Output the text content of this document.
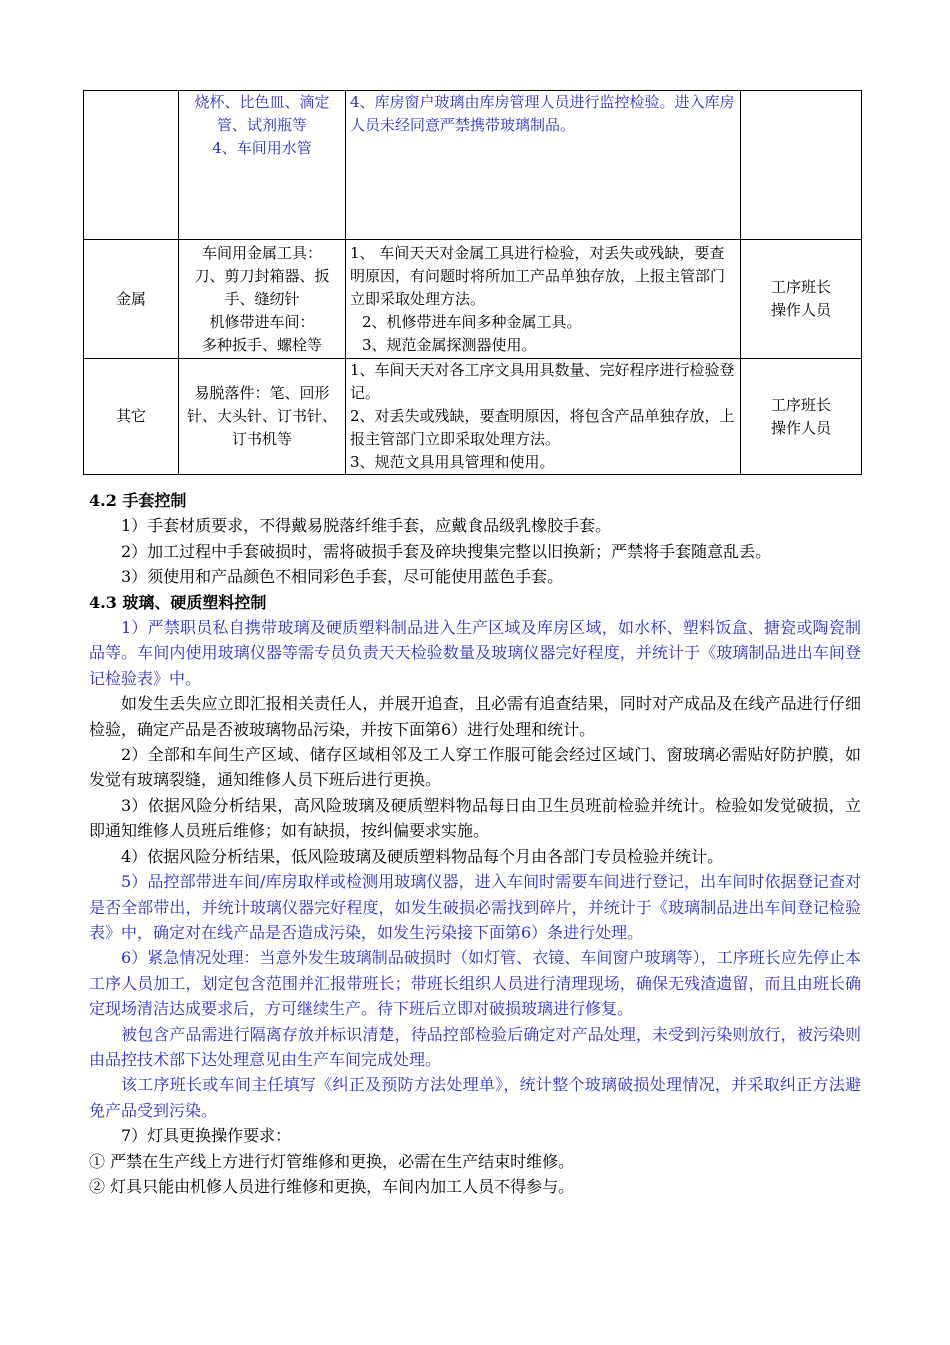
	烧杯、比色皿、滴定管、试剂瓶等
4、车间用水管	4、库房窗户玻璃由库房管理人员进行监控检验。进入库房人员未经同意严禁携带玻璃制品。	

金属	车间用金属工具：
刀、剪刀封箱器、扳手、缝纫针
机修带进车间：
多种扳手、螺栓等	1、 车间天天对金属工具进行检验，对丢失或残缺，要查明原因，有问题时将所加工产品单独存放，上报主管部门立即采取处理方法。
2、机修带进车间多种金属工具。
3、规范金属探测器使用。	工序班长
操作人员

其它	易脱落件：笔、回形针、大头针、订书针、订书机等	1、车间天天对各工序文具用具数量、完好程序进行检验登记。
2、对丢失或残缺，要查明原因，将包含产品单独存放，上报主管部门立即采取处理方法。
3、规范文具用具管理和使用。	工序班长
操作人员
4.2 手套控制

1）手套材质要求，不得戴易脱落纤维手套，应戴食品级乳橡胶手套。

2）加工过程中手套破损时，需将破损手套及碎块搜集完整以旧换新；严禁将手套随意乱丢。

3）须使用和产品颜色不相同彩色手套，尽可能使用蓝色手套。

4.3 玻璃、硬质塑料控制

1）严禁职员私自携带玻璃及硬质塑料制品进入生产区域及库房区域，如水杯、塑料饭盒、搪瓷或陶瓷制品等。车间内使用玻璃仪器等需专员负责天天检验数量及玻璃仪器完好程度，并统计于《玻璃制品进出车间登记检验表》中。

如发生丢失应立即汇报相关责任人，并展开追查，且必需有追查结果，同时对产成品及在线产品进行仔细检验，确定产品是否被玻璃物品污染，并按下面第6）进行处理和统计。

2）全部和车间生产区域、储存区域相邻及工人穿工作服可能会经过区域门、窗玻璃必需贴好防护膜，如发觉有玻璃裂缝，通知维修人员下班后进行更换。

3）依据风险分析结果，高风险玻璃及硬质塑料物品每日由卫生员班前检验并统计。检验如发觉破损，立即通知维修人员班后维修；如有缺损，按纠偏要求实施。

4）依据风险分析结果，低风险玻璃及硬质塑料物品每个月由各部门专员检验并统计。

5）品控部带进车间/库房取样或检测用玻璃仪器，进入车间时需要车间进行登记，出车间时依据登记查对是否全部带出，并统计玻璃仪器完好程度，如发生破损必需找到碎片，并统计于《玻璃制品进出车间登记检验表》中，确定对在线产品是否造成污染，如发生污染接下面第6）条进行处理。

6）紧急情况处理：当意外发生玻璃制品破损时（如灯管、衣镜、车间窗户玻璃等），工序班长应先停止本工序人员加工，划定包含范围并汇报带班长；带班长组织人员进行清理现场，确保无残渣遗留，而且由班长确定现场清洁达成要求后，方可继续生产。待下班后立即对破损玻璃进行修复。

被包含产品需进行隔离存放并标识清楚，待品控部检验后确定对产品处理，未受到污染则放行，被污染则由品控技术部下达处理意见由生产车间完成处理。

该工序班长或车间主任填写《纠正及预防方法处理单》，统计整个玻璃破损处理情况，并采取纠正方法避免产品受到污染。

7）灯具更换操作要求：

① 严禁在生产线上方进行灯管维修和更换，必需在生产结束时维修。

② 灯具只能由机修人员进行维修和更换，车间内加工人员不得参与。
